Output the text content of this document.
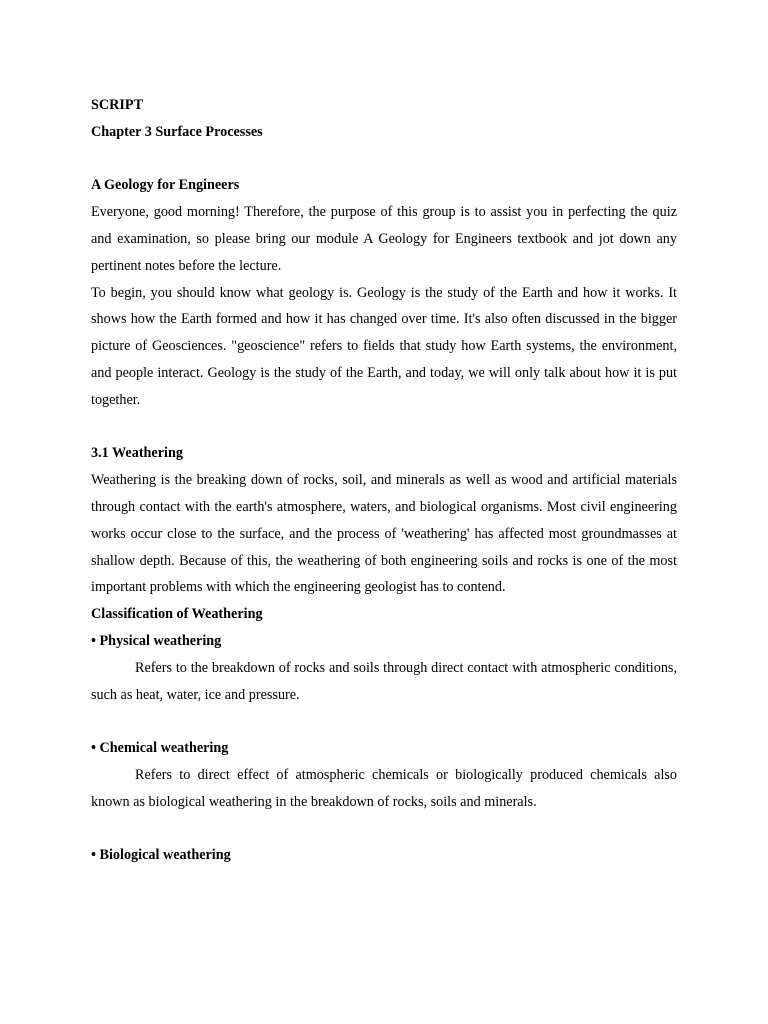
SCRIPT

Chapter 3 Surface Processes

A Geology for Engineers

Everyone, good morning! Therefore, the purpose of this group is to assist you in perfecting the quiz and examination, so please bring our module A Geology for Engineers textbook and jot down any pertinent notes before the lecture.

To begin, you should know what geology is. Geology is the study of the Earth and how it works. It shows how the Earth formed and how it has changed over time. It's also often discussed in the bigger picture of Geosciences. "geoscience" refers to fields that study how Earth systems, the environment, and people interact. Geology is the study of the Earth, and today, we will only talk about how it is put together.

3.1 Weathering

Weathering is the breaking down of rocks, soil, and minerals as well as wood and artificial materials through contact with the earth's atmosphere, waters, and biological organisms. Most civil engineering works occur close to the surface, and the process of 'weathering' has affected most groundmasses at shallow depth. Because of this, the weathering of both engineering soils and rocks is one of the most important problems with which the engineering geologist has to contend.

Classification of Weathering

• Physical weathering

Refers to the breakdown of rocks and soils through direct contact with atmospheric conditions, such as heat, water, ice and pressure.

• Chemical weathering

Refers to direct effect of atmospheric chemicals or biologically produced chemicals also known as biological weathering in the breakdown of rocks, soils and minerals.

• Biological weathering
